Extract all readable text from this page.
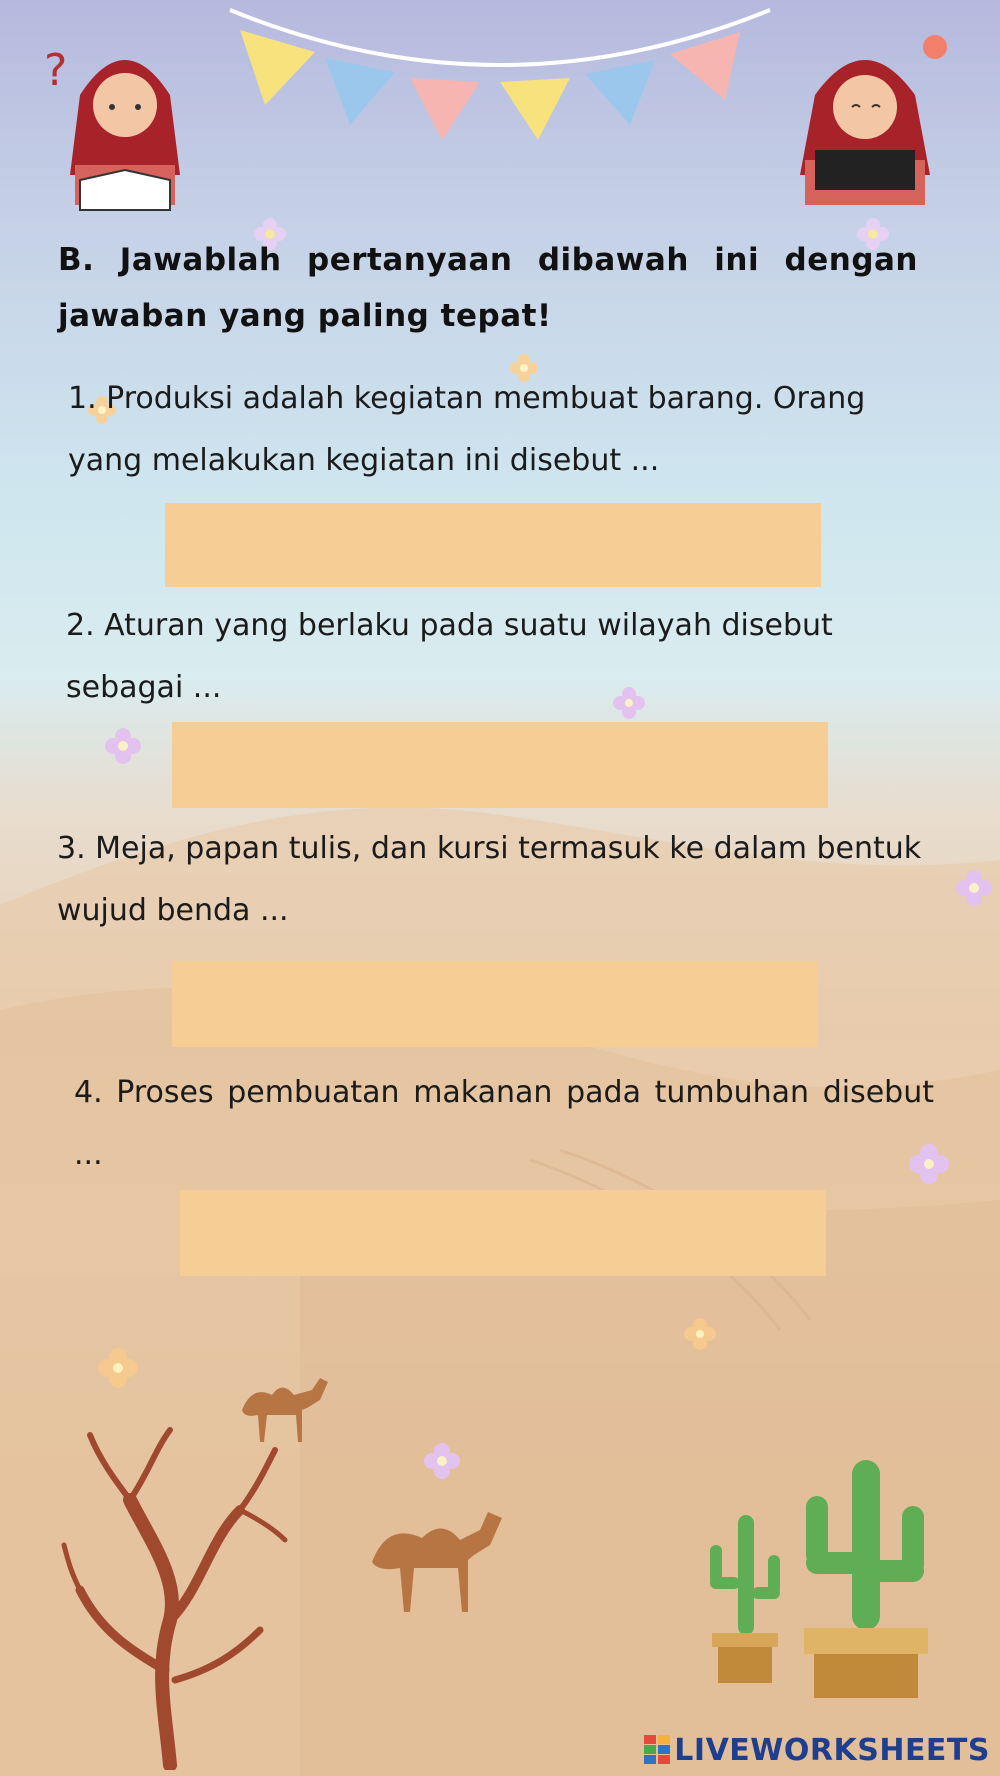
?

B. Jawablah pertanyaan dibawah ini dengan jawaban yang paling tepat!

1. Produksi adalah kegiatan membuat barang. Orang yang melakukan kegiatan ini disebut ...

2. Aturan yang berlaku pada suatu wilayah disebut sebagai ...

3. Meja, papan tulis, dan kursi termasuk ke dalam bentuk wujud benda ...

4. Proses pembuatan makanan pada tumbuhan disebut ...

LIVEWORKSHEETS
